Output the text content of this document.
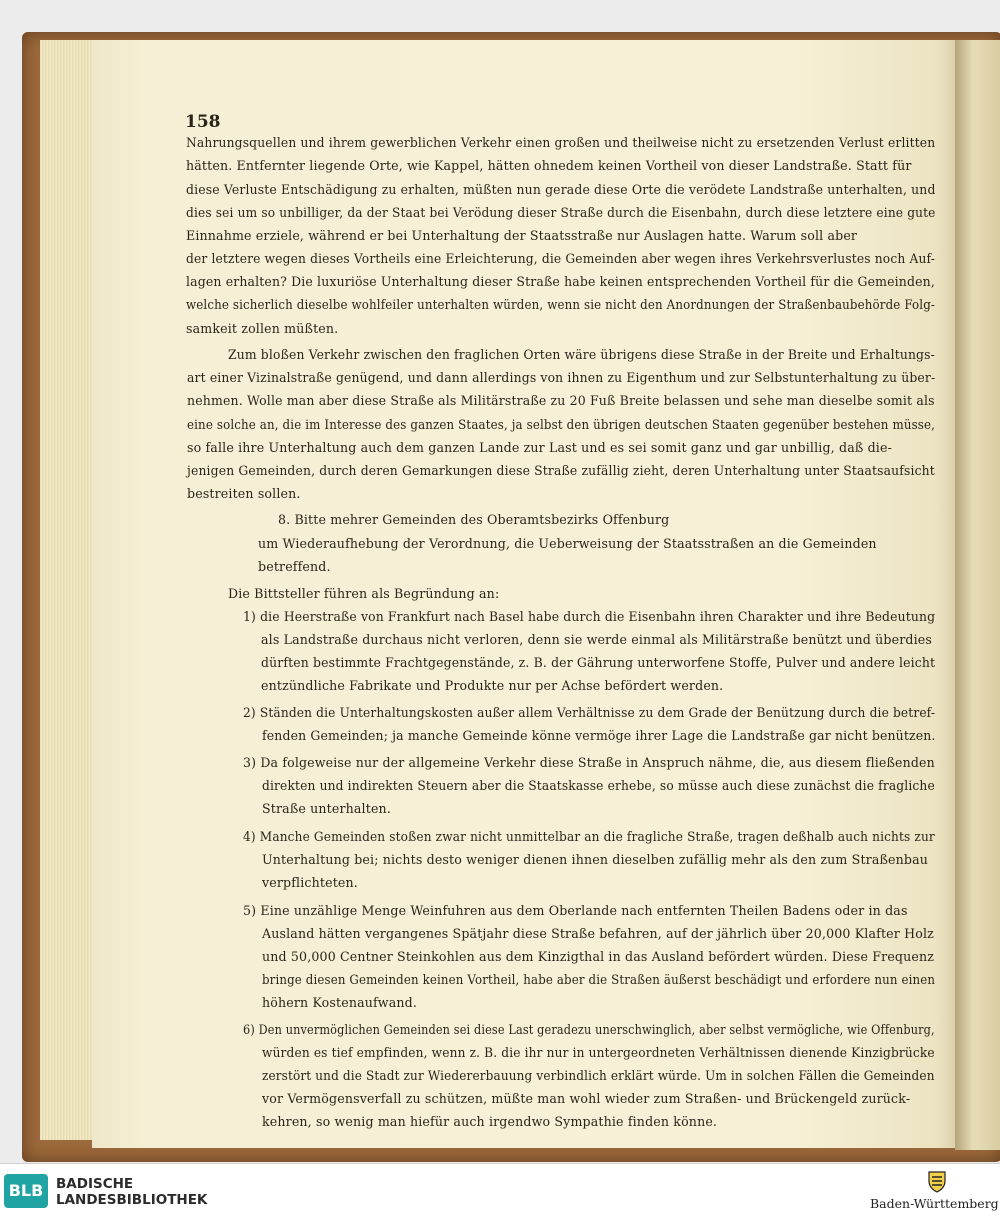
158
Nahrungsquellen und ihrem gewerblichen Verkehr einen großen und theilweise nicht zu ersetzenden Verlust erlitten
hätten. Entfernter liegende Orte, wie Kappel, hätten ohnedem keinen Vortheil von dieser Landstraße. Statt für
diese Verluste Entschädigung zu erhalten, müßten nun gerade diese Orte die verödete Landstraße unterhalten, und
dies sei um so unbilliger, da der Staat bei Verödung dieser Straße durch die Eisenbahn, durch diese letztere eine gute
Einnahme erziele, während er bei Unterhaltung der Staatsstraße nur Auslagen hatte. Warum soll aber
der letztere wegen dieses Vortheils eine Erleichterung, die Gemeinden aber wegen ihres Verkehrsverlustes noch Auf-
lagen erhalten? Die luxuriöse Unterhaltung dieser Straße habe keinen entsprechenden Vortheil für die Gemeinden,
welche sicherlich dieselbe wohlfeiler unterhalten würden, wenn sie nicht den Anordnungen der Straßenbaubehörde Folg-
samkeit zollen müßten.
Zum bloßen Verkehr zwischen den fraglichen Orten wäre übrigens diese Straße in der Breite und Erhaltungs-
art einer Vizinalstraße genügend, und dann allerdings von ihnen zu Eigenthum und zur Selbstunterhaltung zu über-
nehmen. Wolle man aber diese Straße als Militärstraße zu 20 Fuß Breite belassen und sehe man dieselbe somit als
eine solche an, die im Interesse des ganzen Staates, ja selbst den übrigen deutschen Staaten gegenüber bestehen müsse,
so falle ihre Unterhaltung auch dem ganzen Lande zur Last und es sei somit ganz und gar unbillig, daß die-
jenigen Gemeinden, durch deren Gemarkungen diese Straße zufällig zieht, deren Unterhaltung unter Staatsaufsicht
bestreiten sollen.
8. Bitte mehrer Gemeinden des Oberamtsbezirks Offenburg
um Wiederaufhebung der Verordnung, die Ueberweisung der Staatsstraßen an die Gemeinden
betreffend.
Die Bittsteller führen als Begründung an:
1) die Heerstraße von Frankfurt nach Basel habe durch die Eisenbahn ihren Charakter und ihre Bedeutung
als Landstraße durchaus nicht verloren, denn sie werde einmal als Militärstraße benützt und überdies
dürften bestimmte Frachtgegenstände, z. B. der Gährung unterworfene Stoffe, Pulver und andere leicht
entzündliche Fabrikate und Produkte nur per Achse befördert werden.
2) Ständen die Unterhaltungskosten außer allem Verhältnisse zu dem Grade der Benützung durch die betref-
fenden Gemeinden; ja manche Gemeinde könne vermöge ihrer Lage die Landstraße gar nicht benützen.
3) Da folgeweise nur der allgemeine Verkehr diese Straße in Anspruch nähme, die, aus diesem fließenden
direkten und indirekten Steuern aber die Staatskasse erhebe, so müsse auch diese zunächst die fragliche
Straße unterhalten.
4) Manche Gemeinden stoßen zwar nicht unmittelbar an die fragliche Straße, tragen deßhalb auch nichts zur
Unterhaltung bei; nichts desto weniger dienen ihnen dieselben zufällig mehr als den zum Straßenbau
verpflichteten.
5) Eine unzählige Menge Weinfuhren aus dem Oberlande nach entfernten Theilen Badens oder in das
Ausland hätten vergangenes Spätjahr diese Straße befahren, auf der jährlich über 20,000 Klafter Holz
und 50,000 Centner Steinkohlen aus dem Kinzigthal in das Ausland befördert würden. Diese Frequenz
bringe diesen Gemeinden keinen Vortheil, habe aber die Straßen äußerst beschädigt und erfordere nun einen
höhern Kostenaufwand.
6) Den unvermöglichen Gemeinden sei diese Last geradezu unerschwinglich, aber selbst vermögliche, wie Offenburg,
würden es tief empfinden, wenn z. B. die ihr nur in untergeordneten Verhältnissen dienende Kinzigbrücke
zerstört und die Stadt zur Wiedererbauung verbindlich erklärt würde. Um in solchen Fällen die Gemeinden
vor Vermögensverfall zu schützen, müßte man wohl wieder zum Straßen- und Brückengeld zurück-
kehren, so wenig man hiefür auch irgendwo Sympathie finden könne.
BLB BADISCHE
LANDESBIBLIOTHEK	Baden-Württemberg
